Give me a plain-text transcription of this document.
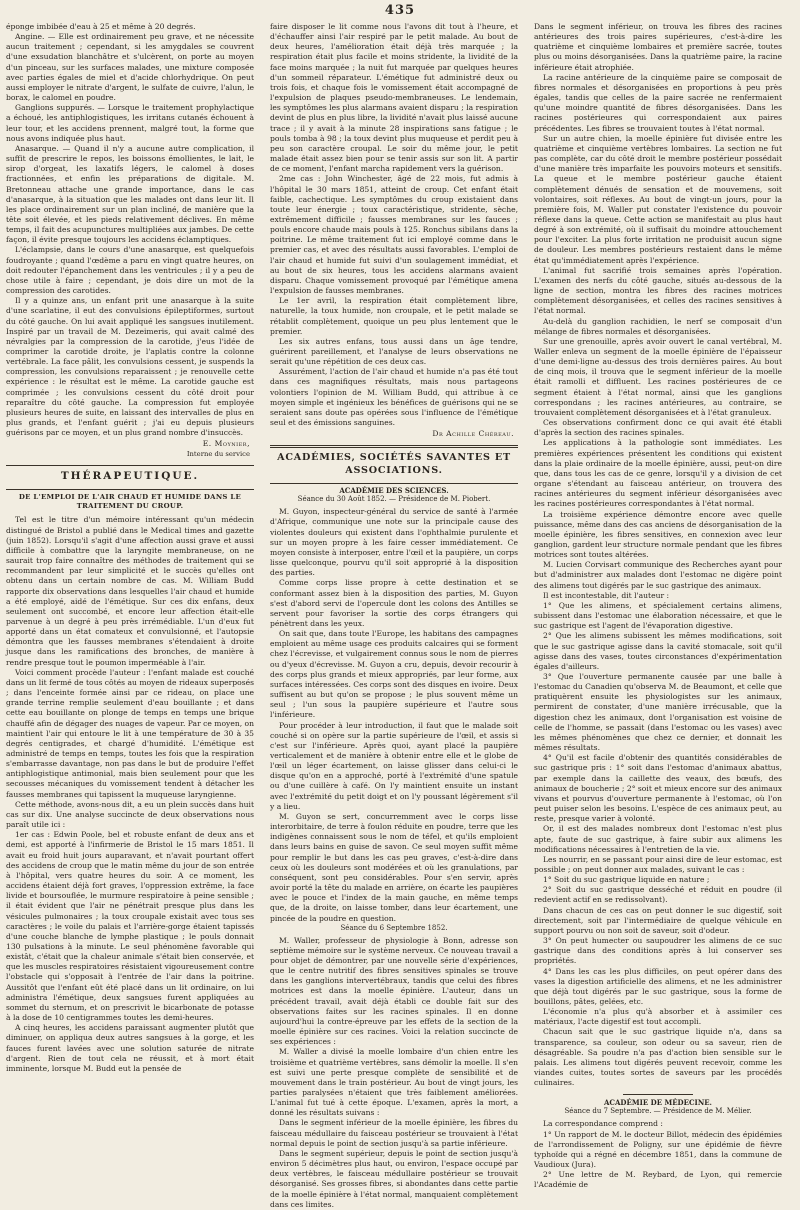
435

éponge imbibée d'eau à 25 et même à 20 degrés.

Angine. — Elle est ordinairement peu grave, et ne nécessite aucun traitement ; cependant, si les amygdales se couvrent d'une exsudation blanchâtre et s'ulcèrent, on porte au moyen d'un pinceau, sur les surfaces malades, une mixture composée avec parties égales de miel et d'acide chlorhydrique. On peut aussi employer le nitrate d'argent, le sulfate de cuivre, l'alun, le borax, le calomel en poudre.

Ganglions suppurés. — Lorsque le traitement prophylactique a échoué, les antiphlogistiques, les irritans cutanés échouent à leur tour, et les accidens prennent, malgré tout, la forme que nous avons indiquée plus haut.

Anasarque. — Quand il n'y a aucune autre complication, il suffit de prescrire le repos, les boissons émollientes, le lait, le sirop d'orgeat, les laxatifs légers, le calomel à doses fractionnées, et enfin les préparations de digitale. M. Bretonneau attache une grande importance, dans le cas d'anasarque, à la situation que les malades ont dans leur lit. Il les place ordinairement sur un plan incliné, de manière que la tête soit élevée, et les pieds relativement déclives. En même temps, il fait des acupunctures multipliées aux jambes. De cette façon, il évite presque toujours les accidens éclamptiques.

L'éclampsie, dans le cours d'une anasarque, est quelquefois foudroyante ; quand l'œdème a paru en vingt quatre heures, on doit redouter l'épanchement dans les ventricules ; il y a peu de chose utile à faire ; cependant, je dois dire un mot de la compression des carotides.

Il y a quinze ans, un enfant prit une anasarque à la suite d'une scarlatine, il eut des convulsions épileptiformes, surtout du côté gauche. On lui avait appliqué les sangsues inutilement. Inspiré par un travail de M. Dezeimeris, qui avait calmé des névralgies par la compression de la carotide, j'eus l'idée de comprimer la carotide droite, je l'aplatis contre la colonne vertébrale. La face pâlit, les convulsions cessent, je suspends la compression, les convulsions reparaissent ; je renouvelle cette expérience : le résultat est le même. La carotide gauche est comprimée ; les convulsions cessent du côté droit pour reparaître du côté gauche. La compression fut employée plusieurs heures de suite, en laissant des intervalles de plus en plus grands, et l'enfant guérit ; j'ai eu depuis plusieurs guérisons par ce moyen, et un plus grand nombre d'insuccès.

E. Moynier,
Interne du service
THÉRAPEUTIQUE.
DE L'EMPLOI DE L'AIR CHAUD ET HUMIDE DANS LE TRAITEMENT DU CROUP.

Tel est le titre d'un mémoire intéressant qu'un médecin distingué de Bristol a publié dans le Medical times and gazette (juin 1852). Lorsqu'il s'agit d'une affection aussi grave et aussi difficile à combattre que la laryngite membraneuse, on ne saurait trop faire connaître des méthodes de traitement qui se recommandent par leur simplicité et le succès qu'elles ont obtenu dans un certain nombre de cas. M. William Budd rapporte dix observations dans lesquelles l'air chaud et humide a été employé, aidé de l'émétique. Sur ces dix enfans, deux seulement ont succombé, et encore leur affection était-elle parvenue à un degré à peu près irrémédiable. L'un d'eux fut apporté dans un état comateux et convulsionné, et l'autopsie démontra que les fausses membranes s'étendaient à droite jusque dans les ramifications des bronches, de manière à rendre presque tout le poumon imperméable à l'air.

Voici comment procède l'auteur : l'enfant malade est couché dans un lit fermé de tous côtés au moyen de rideaux superposés ; dans l'enceinte formée ainsi par ce rideau, on place une grande terrine remplie seulement d'eau bouillante ; et dans cette eau bouillante on plonge de temps en temps une brique chauffé afin de dégager des nuages de vapeur. Par ce moyen, on maintient l'air qui entoure le lit à une température de 30 à 35 degrés centigrades, et chargé d'humidité. L'émétique est administré de temps en temps, toutes les fois que la respiration s'embarrasse davantage, non pas dans le but de produire l'effet antiphlogistique antimonial, mais bien seulement pour que les secousses mécaniques du vomissement tendent à détacher les fausses membranes qui tapissent la muqueuse laryngienne.

Cette méthode, avons-nous dit, a eu un plein succès dans huit cas sur dix. Une analyse succincte de deux observations nous paraît utile ici :

1er cas : Edwin Poole, bel et robuste enfant de deux ans et demi, est apporté à l'infirmerie de Bristol le 15 mars 1851. Il avait eu froid huit jours auparavant, et n'avait pourtant offert des accidens de croup que le matin même du jour de son entrée à l'hôpital, vers quatre heures du soir. A ce moment, les accidens étaient déjà fort graves, l'oppression extrême, la face livide et boursouflée, le murmure respiratoire à peine sensible ; il était évident que l'air ne pénétrait presque plus dans les vésicules pulmonaires ; la toux croupale existait avec tous ses caractères ; le voile du palais et l'arrière-gorge étaient tapissés d'une couche blanche de lymphe plastique ; le pouls donnait 130 pulsations à la minute. Le seul phénomène favorable qui existât, c'était que la chaleur animale s'était bien conservée, et que les muscles respiratoires résistaient vigoureusement contre l'obstacle qui s'opposait à l'entrée de l'air dans la poitrine. Aussitôt que l'enfant eût été placé dans un lit ordinaire, on lui administra l'émétique, deux sangsues furent appliquées au sommet du sternum, et on prescrivit le bicarbonate de potasse à la dose de 10 centigrammes toutes les demi-heures.

A cinq heures, les accidens paraissant augmenter plutôt que diminuer, on appliqua deux autres sangsues à la gorge, et les fauces furent lavées avec une solution saturée de nitrate d'argent. Rien de tout cela ne réussit, et à mort était imminente, lorsque M. Budd eut la pensée de

faire disposer le lit comme nous l'avons dit tout à l'heure, et d'échauffer ainsi l'air respiré par le petit malade. Au bout de deux heures, l'amélioration était déjà très marquée ; la respiration était plus facile et moins stridente, la lividité de la face moins marquée ; la nuit fut marquée par quelques heures d'un sommeil réparateur. L'émétique fut administré deux ou trois fois, et chaque fois le vomissement était accompagné de l'expulsion de plaques pseudo-membraneuses. Le lendemain, les symptômes les plus alarmans avaient disparu ; la respiration devint de plus en plus libre, la lividité n'avait plus laissé aucune trace ; il y avait à la minute 28 inspirations sans fatigue ; le pouls tomba à 98 ; la toux devint plus muqueuse et perdit peu à peu son caractère croupal. Le soir du même jour, le petit malade était assez bien pour se tenir assis sur son lit. A partir de ce moment, l'enfant marcha rapidement vers la guérison.

2me cas : John Winchester, âgé de 22 mois, fut admis à l'hôpital le 30 mars 1851, atteint de croup. Cet enfant était faible, cachectique. Les symptômes du croup existaient dans toute leur énergie ; toux caractéristique, stridente, sèche, extrêmement difficile ; fausses membranes sur les fauces ; pouls encore chaude mais pouls à 125. Ronchus sibilans dans la poitrine. Le même traitement fut ici employé comme dans le premier cas, et avec des résultats aussi favorables. L'emploi de l'air chaud et humide fut suivi d'un soulagement immédiat, et au bout de six heures, tous les accidens alarmans avaient disparu. Chaque vomissement provoqué par l'émétique amena l'expulsion de fausses membranes.

Le 1er avril, la respiration était complètement libre, naturelle, la toux humide, non croupale, et le petit malade se rétablit complètement, quoique un peu plus lentement que le premier.

Les six autres enfans, tous aussi dans un âge tendre, guérirent pareillement, et l'analyse de leurs observations ne serait qu'une répétition de ces deux cas.

Assurément, l'action de l'air chaud et humide n'a pas été tout dans ces magnifiques résultats, mais nous partageons volontiers l'opinion de M. William Budd, qui attribue à ce moyen simple et ingénieux les bénéfices de guérisons qui ne se seraient sans doute pas opérées sous l'influence de l'émétique seul et des émissions sanguines.

Dr Achille Chéreau.
ACADÉMIES, SOCIÉTÉS SAVANTES ET ASSOCIATIONS.
ACADÉMIE DES SCIENCES.
Séance du 30 Août 1852. — Présidence de M. Piobert.

M. Guyon, inspecteur-général du service de santé à l'armée d'Afrique, communique une note sur la principale cause des violentes douleurs qui existent dans l'ophthalmie purulente et sur un moyen propre à les faire cesser immédiatement. Ce moyen consiste à interposer, entre l'œil et la paupière, un corps lisse quelconque, pourvu qu'il soit approprié à la disposition des parties.

Comme corps lisse propre à cette destination et se conformant assez bien à la disposition des parties, M. Guyon s'est d'abord servi de l'opercule dont les colons des Antilles se servent pour favoriser la sortie des corps étrangers qui pénètrent dans les yeux.

On sait que, dans toute l'Europe, les habitans des campagnes emploient au même usage ces produits calcaires qui se forment chez l'écrevisse, et vulgairement connus sous le nom de pierres ou d'yeux d'écrevisse. M. Guyon a cru, depuis, devoir recourir à des corps plus grands et mieux appropriés, par leur forme, aux surfaces intéressées. Ces corps sont des disques en ivoire. Deux suffisent au but qu'on se propose ; le plus souvent même un seul ; l'un sous la paupière supérieure et l'autre sous l'inférieure.

Pour procéder à leur introduction, il faut que le malade soit couché si on opère sur la partie supérieure de l'œil, et assis si c'est sur l'inférieure. Après quoi, ayant placé la paupière verticalement et de manière à obtenir entre elle et le globe de l'œil un léger écartement, on laisse glisser dans celui-ci le disque qu'on en a approché, porté à l'extrémité d'une spatule ou d'une cuillère à café. On l'y maintient ensuite un instant avec l'extrémité du petit doigt et on l'y poussant légèrement s'il y a lieu.

M. Guyon se sert, concurremment avec le corps lisse interorbitaire, de terre à foulon réduite en poudre, terre que les indigènes connaissent sous le nom de téfel, et qu'ils emploient dans leurs bains en guise de savon. Ce seul moyen suffit même pour remplir le but dans les cas peu graves, c'est-à-dire dans ceux où les douleurs sont modérées et où les granulations, par conséquent, sont peu considérables. Pour s'en servir, après avoir porté la tête du malade en arrière, on écarte les paupières avec le pouce et l'index de la main gauche, en même temps que, de la droite, on laisse tomber, dans leur écartement, une pincée de la poudre en question.

Séance du 6 Septembre 1852.

M. Waller, professeur de physiologie à Bonn, adresse son septième mémoire sur le système nerveux. Ce nouveau travail a pour objet de démontrer, par une nouvelle série d'expériences, que le centre nutritif des fibres sensitives spinales se trouve dans les ganglions intervertébraux, tandis que celui des fibres motrices est dans la moelle épinière. L'auteur, dans un précédent travail, avait déjà établi ce double fait sur des observations faites sur les racines spinales. Il en donne aujourd'hui la contre-épreuve par les effets de la section de la moelle épinière sur ces racines. Voici la relation succincte de ses expériences :

M. Waller a divisé la moelle lombaire d'un chien entre les troisième et quatrième vertèbres, sans démolir la moelle. Il s'en est suivi une perte presque complète de sensibilité et de mouvement dans le train postérieur. Au bout de vingt jours, les parties paralysées n'étaient que très faiblement améliorées. L'animal fut tué à cette époque. L'examen, après la mort, a donné les résultats suivans :

Dans le segment inférieur de la moelle épinière, les fibres du faisceau médullaire du faisceau postérieur se trouvaient à l'état normal depuis le point de section jusqu'à sa partie inférieure.

Dans le segment supérieur, depuis le point de section jusqu'à environ 5 décimètres plus haut, ou environ, l'espace occupé par deux vertèbres, le faisceau médullaire postérieur se trouvait désorganisé. Ses grosses fibres, si abondantes dans cette partie de la moelle épinière à l'état normal, manquaient complètement dans ces limites.

Dans le segment inférieur, on trouva les fibres des racines antérieures des trois paires supérieures, c'est-à-dire les quatrième et cinquième lombaires et première sacrée, toutes plus ou moins désorganisées. Dans la quatrième paire, la racine inférieure était atrophiée.

La racine antérieure de la cinquième paire se composait de fibres normales et désorganisées en proportions à peu près égales, tandis que celles de la paire sacrée ne renfermaient qu'une moindre quantité de fibres désorganisées. Dans les racines postérieures qui correspondaient aux paires précédentes. Les fibres se trouvaient toutes à l'état normal.

Sur un autre chien, la moelle épinière fut divisée entre les quatrième et cinquième vertèbres lombaires. La section ne fut pas complète, car du côté droit le membre postérieur possédait d'une manière très imparfaite les pouvoirs moteurs et sensitifs. La queue et le membre postérieur gauche étaient complètement dénués de sensation et de mouvemens, soit volontaires, soit réflexes. Au bout de vingt-un jours, pour la première fois, M. Waller put constater l'existence du pouvoir réflexe dans la queue. Cette action se manifestait au plus haut degré à son extrémité, où il suffisait du moindre attouchement pour l'exciter. La plus forte irritation ne produisit aucun signe de douleur. Les membres postérieurs restaient dans le même état qu'immédiatement après l'expérience.

L'animal fut sacrifié trois semaines après l'opération. L'examen des nerfs du côté gauche, situés au-dessous de la ligne de section, montra les fibres des racines motrices complètement désorganisées, et celles des racines sensitives à l'état normal.

Au-delà du ganglion rachidien, le nerf se composait d'un mélange de fibres normales et désorganisées.

Sur une grenouille, après avoir ouvert le canal vertébral, M. Waller enleva un segment de la moelle épinière de l'épaisseur d'une demi-ligne au-dessus des trois dernières paires. Au bout de cinq mois, il trouva que le segment inférieur de la moelle était ramolli et diffluent. Les racines postérieures de ce segment étaient à l'état normal, ainsi que les ganglions correspondans ; les racines antérieures, au contraire, se trouvaient complètement désorganisées et à l'état granuleux.

Ces observations confirment donc ce qui avait été établi d'après la section des racines spinales.

Les applications à la pathologie sont immédiates. Les premières expériences présentent les conditions qui existent dans la plaie ordinaire de la moelle épinière, aussi, peut-on dire que, dans tous les cas de ce genre, lorsqu'il y a division de cet organe s'étendant au faisceau antérieur, on trouvera des racines antérieures du segment inférieur désorganisées avec les racines postérieures correspondantes à l'état normal.

La troisième expérience démontre encore avec quelle puissance, même dans des cas anciens de désorganisation de la moelle épinière, les fibres sensitives, en connexion avec leur ganglion, gardent leur structure normale pendant que les fibres motrices sont toutes altérées.

M. Lucien Corvisart communique des Recherches ayant pour but d'administrer aux malades dont l'estomac ne digère point des alimens tout digérés par le suc gastrique des animaux.

Il est incontestable, dit l'auteur :

1° Que les alimens, et spécialement certains alimens, subissent dans l'estomac une élaboration nécessaire, et que le suc gastrique est l'agent de l'évaporation digestive.

2° Que les alimens subissent les mêmes modifications, soit que le suc gastrique agisse dans la cavité stomacale, soit qu'il agisse dans des vases, toutes circonstances d'expérimentation égales d'ailleurs.

3° Que l'ouverture permanente causée par une balle à l'estomac du Canadien qu'observa M. de Beaumont, et celle que pratiquèrent ensuite les physiologistes sur les animaux, permirent de constater, d'une manière irrécusable, que la digestion chez les animaux, dont l'organisation est voisine de celle de l'homme, se passait (dans l'estomac ou les vases) avec les mêmes phénomènes que chez ce dernier, et donnait les mêmes résultats.

4° Qu'il est facile d'obtenir des quantités considérables de suc gastrique pris : 1° soit dans l'estomac d'animaux abattus, par exemple dans la caillette des veaux, des bœufs, des animaux de boucherie ; 2° soit et mieux encore sur des animaux vivans et pourvus d'ouverture permanente à l'estomac, où l'on peut puiser selon les besoins. L'espèce de ces animaux peut, au reste, presque varier à volonté.

Or, il est des malades nombreux dont l'estomac n'est plus apte, faute de suc gastrique, à faire subir aux alimens les modifications nécessaires à l'entretien de la vie.

Les nourrir, en se passant pour ainsi dire de leur estomac, est possible ; on peut donner aux malades, suivant le cas :

1° Soit du suc gastrique liquide en nature ;

2° Soit du suc gastrique desséché et réduit en poudre (il redevient actif en se redissolvant).

Dans chacun de ces cas on peut donner le suc digestif, soit directement, soit par l'intermédiaire de quelque véhicule en support pourvu ou non soit de saveur, soit d'odeur.

3° On peut humecter ou saupoudrer les alimens de ce suc gastrique dans des conditions après à lui conserver ses propriétés.

4° Dans les cas les plus difficiles, on peut opérer dans des vases la digestion artificielle des alimens, et ne les administrer que déjà tout digérés par le suc gastrique, sous la forme de bouillons, pâtes, gelées, etc.

L'économie n'a plus qu'à absorber et à assimiler ces matériaux, l'acte digestif est tout accompli.

Chacun sait que le suc gastrique liquide n'a, dans sa transparence, sa couleur, son odeur ou sa saveur, rien de désagréable. Sa poudre n'a pas d'action bien sensible sur le palais. Les alimens tout digérés peuvent recevoir, comme les viandes cuites, toutes sortes de saveurs par les procédés culinaires.

ACADÉMIE DE MÉDECINE.
Séance du 7 Septembre. — Présidence de M. Mélier.

La correspondance comprend :

1° Un rapport de M. le docteur Billot, médecin des épidémies de l'arrondissement de Poligny, sur une épidémie de fièvre typhoïde qui a régné en décembre 1851, dans la commune de Vaudioux (Jura).

2° Une lettre de M. Reybard, de Lyon, qui remercie l'Académie de
